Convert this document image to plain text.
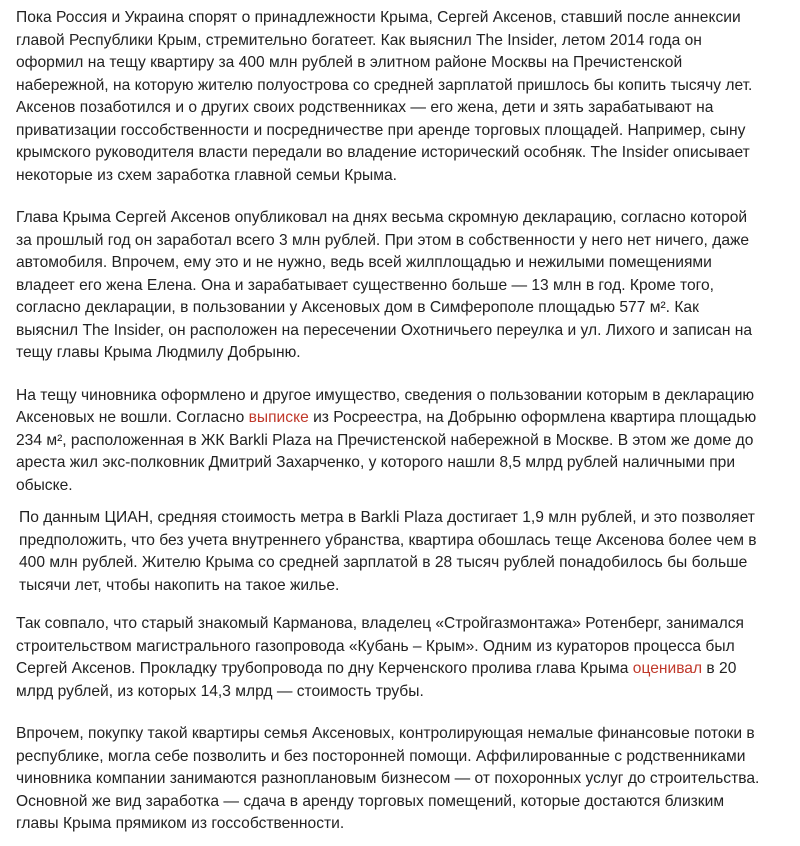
Пока Россия и Украина спорят о принадлежности Крыма, Сергей Аксенов, ставший после аннексии главой Республики Крым, стремительно богатеет. Как выяснил The Insider, летом 2014 года он оформил на тещу квартиру за 400 млн рублей в элитном районе Москвы на Пречистенской набережной, на которую жителю полуострова со средней зарплатой пришлось бы копить тысячу лет. Аксенов позаботился и о других своих родственниках — его жена, дети и зять зарабатывают на приватизации госсобственности и посредничестве при аренде торговых площадей. Например, сыну крымского руководителя власти передали во владение исторический особняк. The Insider описывает некоторые из схем заработка главной семьи Крыма.

Глава Крыма Сергей Аксенов опубликовал на днях весьма скромную декларацию, согласно которой за прошлый год он заработал всего 3 млн рублей. При этом в собственности у него нет ничего, даже автомобиля. Впрочем, ему это и не нужно, ведь всей жилплощадью и нежилыми помещениями владеет его жена Елена. Она и зарабатывает существенно больше — 13 млн в год. Кроме того, согласно декларации, в пользовании у Аксеновых дом в Симферополе площадью 577 м². Как выяснил The Insider, он расположен на пересечении Охотничьего переулка и ул. Лихого и записан на тещу главы Крыма Людмилу Добрыню.

На тещу чиновника оформлено и другое имущество, сведения о пользовании которым в декларацию Аксеновых не вошли. Согласно выписке из Росреестра, на Добрыню оформлена квартира площадью 234 м², расположенная в ЖК Barkli Plaza на Пречистенской набережной в Москве. В этом же доме до ареста жил экс-полковник Дмитрий Захарченко, у которого нашли 8,5 млрд рублей наличными при обыске.

По данным ЦИАН, средняя стоимость метра в Barkli Plaza достигает 1,9 млн рублей, и это позволяет предположить, что без учета внутреннего убранства, квартира обошлась теще Аксенова более чем в 400 млн рублей. Жителю Крыма со средней зарплатой в 28 тысяч рублей понадобилось бы больше тысячи лет, чтобы накопить на такое жилье.

Так совпало, что старый знакомый Карманова, владелец «Стройгазмонтажа» Ротенберг, занимался строительством магистрального газопровода «Кубань – Крым». Одним из кураторов процесса был Сергей Аксенов. Прокладку трубопровода по дну Керченского пролива глава Крыма оценивал в 20 млрд рублей, из которых 14,3 млрд — стоимость трубы.

Впрочем, покупку такой квартиры семья Аксеновых, контролирующая немалые финансовые потоки в республике, могла себе позволить и без посторонней помощи. Аффилированные с родственниками чиновника компании занимаются разноплановым бизнесом — от похоронных услуг до строительства. Основной же вид заработка — сдача в аренду торговых помещений, которые достаются близким главы Крыма прямиком из госсобственности.
